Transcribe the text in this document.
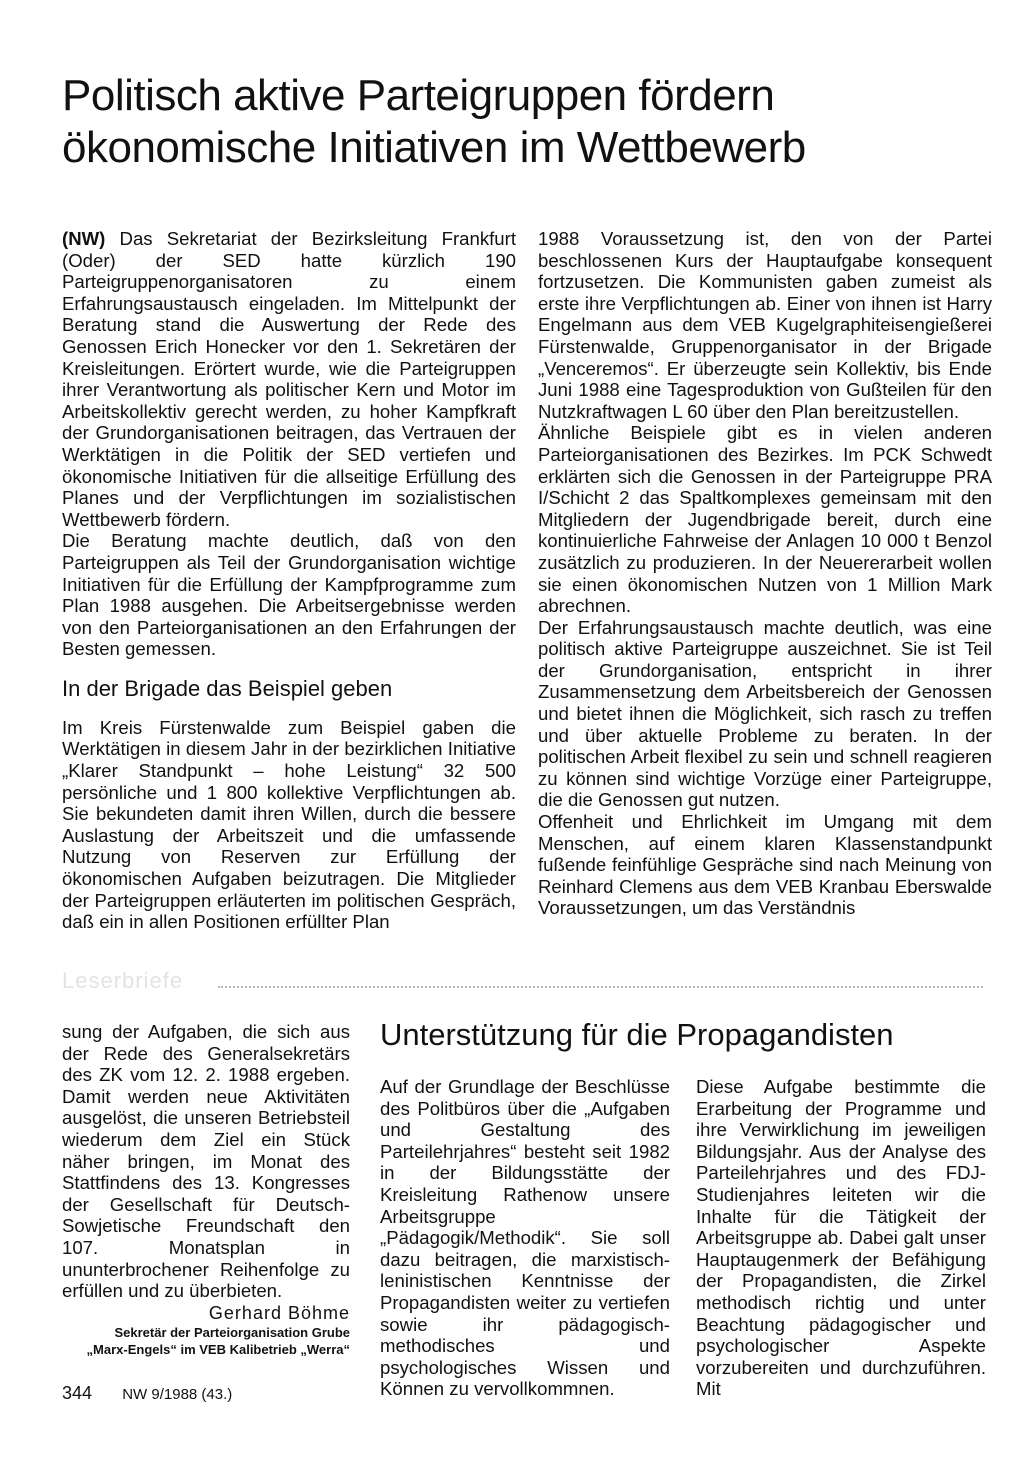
Politisch aktive Parteigruppen fördern
ökonomische Initiativen im Wettbewerb

(NW) Das Sekretariat der Bezirksleitung Frankfurt (Oder) der SED hatte kürzlich 190 Parteigruppenorganisatoren zu einem Erfahrungsaustausch eingeladen. Im Mittelpunkt der Beratung stand die Auswertung der Rede des Genossen Erich Honecker vor den 1. Sekretären der Kreisleitungen. Erörtert wurde, wie die Parteigruppen ihrer Verantwortung als politischer Kern und Motor im Arbeitskollektiv gerecht werden, zu hoher Kampfkraft der Grundorganisationen beitragen, das Vertrauen der Werktätigen in die Politik der SED vertiefen und ökonomische Initiativen für die allseitige Erfüllung des Planes und der Verpflichtungen im sozialistischen Wettbewerb fördern.

Die Beratung machte deutlich, daß von den Parteigruppen als Teil der Grundorganisation wichtige Initiativen für die Erfüllung der Kampfprogramme zum Plan 1988 ausgehen. Die Arbeitsergebnisse werden von den Parteiorganisationen an den Erfahrungen der Besten gemessen.

In der Brigade das Beispiel geben

Im Kreis Fürstenwalde zum Beispiel gaben die Werktätigen in diesem Jahr in der bezirklichen Initiative „Klarer Standpunkt – hohe Leistung“ 32 500 persönliche und 1 800 kollektive Verpflichtungen ab. Sie bekundeten damit ihren Willen, durch die bessere Auslastung der Arbeitszeit und die umfassende Nutzung von Reserven zur Erfüllung der ökonomischen Aufgaben beizutragen. Die Mitglieder der Parteigruppen erläuterten im politischen Gespräch, daß ein in allen Positionen erfüllter Plan

1988 Voraussetzung ist, den von der Partei beschlossenen Kurs der Hauptaufgabe konsequent fortzusetzen. Die Kommunisten gaben zumeist als erste ihre Verpflichtungen ab. Einer von ihnen ist Harry Engelmann aus dem VEB Kugelgraphiteisengießerei Fürstenwalde, Gruppenorganisator in der Brigade „Venceremos“. Er überzeugte sein Kollektiv, bis Ende Juni 1988 eine Tagesproduktion von Gußteilen für den Nutzkraftwagen L 60 über den Plan bereitzustellen.

Ähnliche Beispiele gibt es in vielen anderen Parteiorganisationen des Bezirkes. Im PCK Schwedt erklärten sich die Genossen in der Parteigruppe PRA I/Schicht 2 das Spaltkomplexes gemeinsam mit den Mitgliedern der Jugendbrigade bereit, durch eine kontinuierliche Fahrweise der Anlagen 10 000 t Benzol zusätzlich zu produzieren. In der Neuererarbeit wollen sie einen ökonomischen Nutzen von 1 Million Mark abrechnen.

Der Erfahrungsaustausch machte deutlich, was eine politisch aktive Parteigruppe auszeichnet. Sie ist Teil der Grundorganisation, entspricht in ihrer Zusammensetzung dem Arbeitsbereich der Genossen und bietet ihnen die Möglichkeit, sich rasch zu treffen und über aktuelle Probleme zu beraten. In der politischen Arbeit flexibel zu sein und schnell reagieren zu können sind wichtige Vorzüge einer Parteigruppe, die die Genossen gut nutzen.

Offenheit und Ehrlichkeit im Umgang mit dem Menschen, auf einem klaren Klassenstandpunkt fußende feinfühlige Gespräche sind nach Meinung von Reinhard Clemens aus dem VEB Kranbau Eberswalde Voraussetzungen, um das Verständnis

Leserbriefe

sung der Aufgaben, die sich aus der Rede des Generalsekretärs des ZK vom 12. 2. 1988 ergeben. Damit werden neue Aktivitäten ausgelöst, die unseren Betriebsteil wiederum dem Ziel ein Stück näher bringen, im Monat des Stattfindens des 13. Kongresses der Gesellschaft für Deutsch-Sowjetische Freundschaft den 107. Monatsplan in ununterbrochener Reihenfolge zu erfüllen und zu überbieten.

Gerhard Böhme
Sekretär der Parteiorganisation Grube
„Marx-Engels“ im VEB Kalibetrieb „Werra“
Unterstützung für die Propagandisten

Auf der Grundlage der Beschlüsse des Politbüros über die „Aufgaben und Gestaltung des Parteilehrjahres“ besteht seit 1982 in der Bildungsstätte der Kreisleitung Rathenow unsere Arbeitsgruppe „Pädagogik/Methodik“. Sie soll dazu beitragen, die marxistisch-leninistischen Kenntnisse der Propagandisten weiter zu vertiefen sowie ihr pädagogisch-methodisches und psychologisches Wissen und Können zu vervollkommnen.

Diese Aufgabe bestimmte die Erarbeitung der Programme und ihre Verwirklichung im jeweiligen Bildungsjahr. Aus der Analyse des Parteilehrjahres und des FDJ-Studienjahres leiteten wir die Inhalte für die Tätigkeit der Arbeitsgruppe ab. Dabei galt unser Hauptaugenmerk der Befähigung der Propagandisten, die Zirkel methodisch richtig und unter Beachtung pädagogischer und psychologischer Aspekte vorzubereiten und durchzuführen. Mit

344 NW 9/1988 (43.)
